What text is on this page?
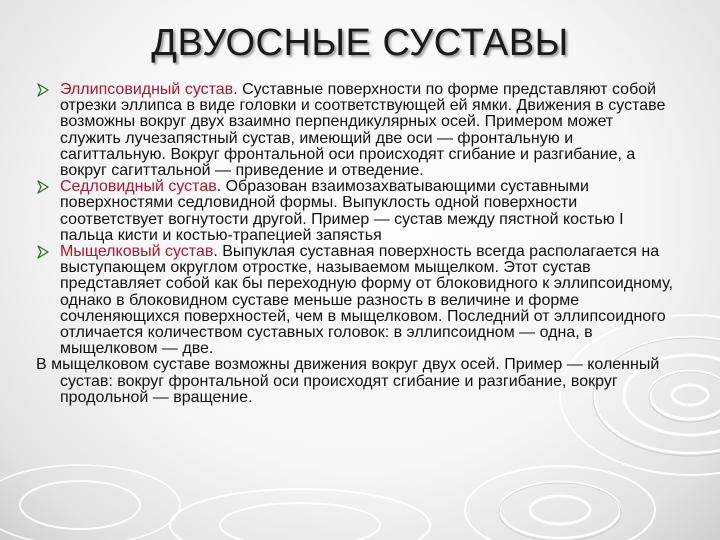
ДВУОСНЫЕ СУСТАВЫ

Эллипсовидный сустав. Суставные поверхности по форме представляют собой отрезки эллипса в виде головки и соответствующей ей ямки. Движения в суставе возможны вокруг двух взаимно перпендикулярных осей. Примером может служить лучезапястный сустав, имеющий две оси — фронтальную и сагиттальную. Вокруг фронтальной оси происходят сгибание и разгибание, а вокруг сагиттальной — приведение и отведение.

Седловидный сустав. Образован взаимозахватывающими суставными поверхностями седловидной формы. Выпуклость одной поверхности соответствует вогнутости другой. Пример — сустав между пястной костью I пальца кисти и костью-трапецией запястья

Мыщелковый сустав. Выпуклая суставная поверхность всегда располагается на выступающем округлом отростке, называемом мыщелком. Этот сустав представляет собой как бы переходную форму от блоковидного к эллипсоидному, однако в блоковидном суставе меньше разность в величине и форме сочленяющихся поверхностей, чем в мыщелковом. Последний от эллипсоидного отличается количеством суставных головок: в эллипсоидном — одна, в мыщелковом — две.

В мыщелковом суставе возможны движения вокруг двух осей. Пример — коленный сустав: вокруг фронтальной оси происходят сгибание и разгибание, вокруг продольной — вращение.
